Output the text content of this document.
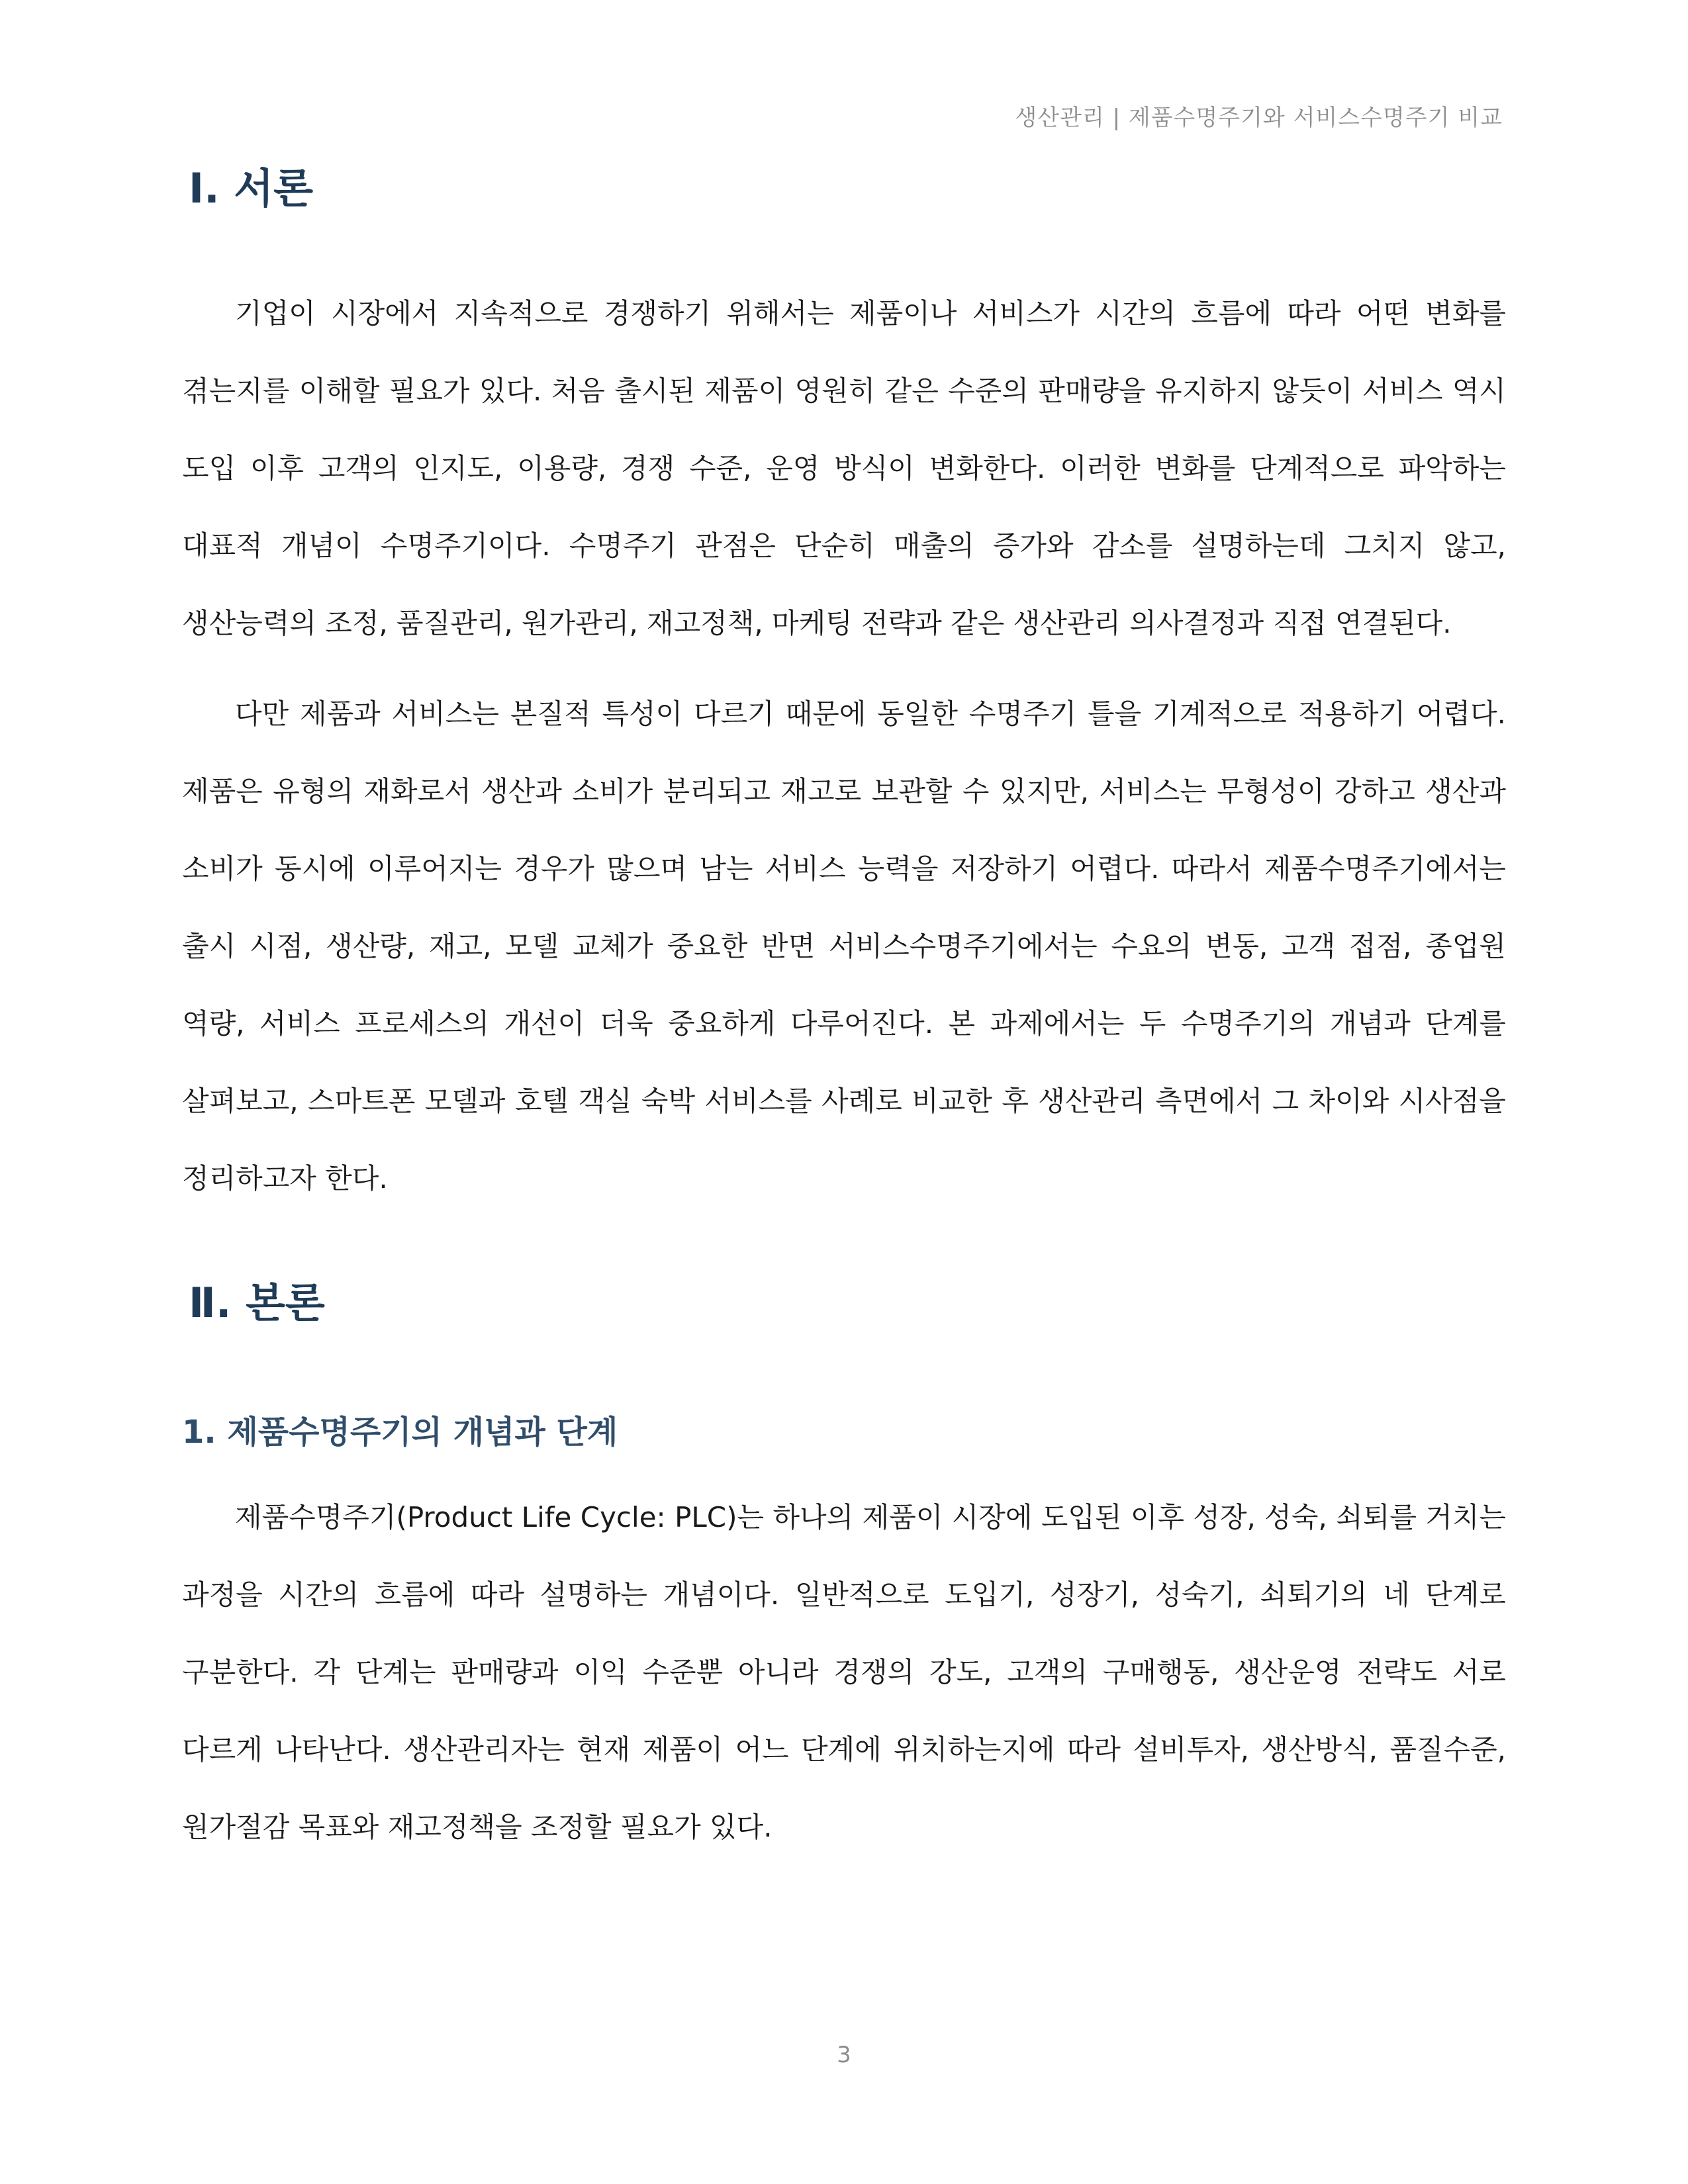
생산관리 | 제품수명주기와 서비스수명주기 비교
Ⅰ. 서론

기업이 시장에서 지속적으로 경쟁하기 위해서는 제품이나 서비스가 시간의 흐름에 따라 어떤 변화를 겪는지를 이해할 필요가 있다. 처음 출시된 제품이 영원히 같은 수준의 판매량을 유지하지 않듯이 서비스 역시 도입 이후 고객의 인지도, 이용량, 경쟁 수준, 운영 방식이 변화한다. 이러한 변화를 단계적으로 파악하는 대표적 개념이 수명주기이다. 수명주기 관점은 단순히 매출의 증가와 감소를 설명하는데 그치지 않고, 생산능력의 조정, 품질관리, 원가관리, 재고정책, 마케팅 전략과 같은 생산관리 의사결정과 직접 연결된다.

다만 제품과 서비스는 본질적 특성이 다르기 때문에 동일한 수명주기 틀을 기계적으로 적용하기 어렵다. 제품은 유형의 재화로서 생산과 소비가 분리되고 재고로 보관할 수 있지만, 서비스는 무형성이 강하고 생산과 소비가 동시에 이루어지는 경우가 많으며 남는 서비스 능력을 저장하기 어렵다. 따라서 제품수명주기에서는 출시 시점, 생산량, 재고, 모델 교체가 중요한 반면 서비스수명주기에서는 수요의 변동, 고객 접점, 종업원 역량, 서비스 프로세스의 개선이 더욱 중요하게 다루어진다. 본 과제에서는 두 수명주기의 개념과 단계를 살펴보고, 스마트폰 모델과 호텔 객실 숙박 서비스를 사례로 비교한 후 생산관리 측면에서 그 차이와 시사점을 정리하고자 한다.

Ⅱ. 본론
1. 제품수명주기의 개념과 단계

제품수명주기(Product Life Cycle: PLC)는 하나의 제품이 시장에 도입된 이후 성장, 성숙, 쇠퇴를 거치는 과정을 시간의 흐름에 따라 설명하는 개념이다. 일반적으로 도입기, 성장기, 성숙기, 쇠퇴기의 네 단계로 구분한다. 각 단계는 판매량과 이익 수준뿐 아니라 경쟁의 강도, 고객의 구매행동, 생산운영 전략도 서로 다르게 나타난다. 생산관리자는 현재 제품이 어느 단계에 위치하는지에 따라 설비투자, 생산방식, 품질수준, 원가절감 목표와 재고정책을 조정할 필요가 있다.

3
